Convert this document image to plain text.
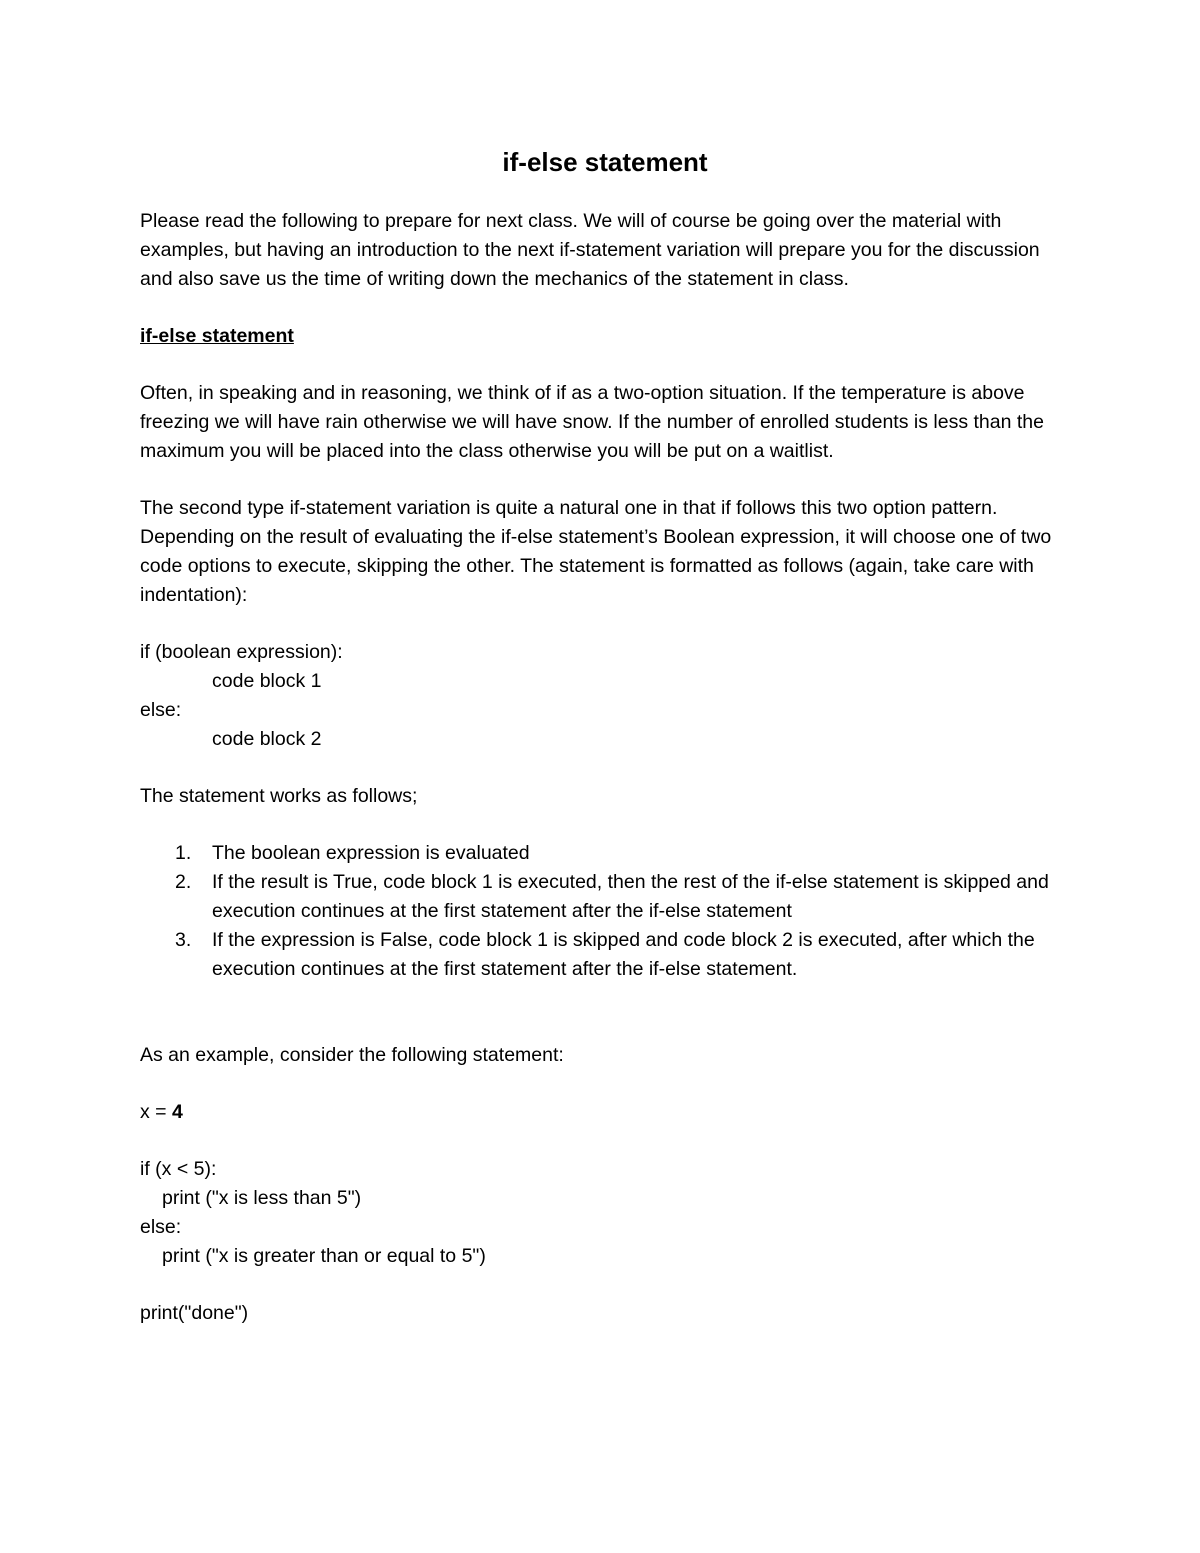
if-else statement

Please read the following to prepare for next class. We will of course be going over the material with examples, but having an introduction to the next if-statement variation will prepare you for the discussion and also save us the time of writing down the mechanics of the statement in class.

if-else statement

Often, in speaking and in reasoning, we think of if as a two-option situation. If the temperature is above freezing we will have rain otherwise we will have snow. If the number of enrolled students is less than the maximum you will be placed into the class otherwise you will be put on a waitlist.

The second type if-statement variation is quite a natural one in that if follows this two option pattern. Depending on the result of evaluating the if-else statement’s Boolean expression, it will choose one of two code options to execute, skipping the other. The statement is formatted as follows (again, take care with indentation):

if (boolean expression):
code block 1
else:
code block 2

The statement works as follows;

1. The boolean expression is evaluated
2. If the result is True, code block 1 is executed, then the rest of the if-else statement is skipped and execution continues at the first statement after the if-else statement
3. If the expression is False, code block 1 is skipped and code block 2 is executed, after which the execution continues at the first statement after the if-else statement.

As an example, consider the following statement:

x = 4
if (x < 5):
print ("x is less than 5")
else:
print ("x is greater than or equal to 5")
print("done")
